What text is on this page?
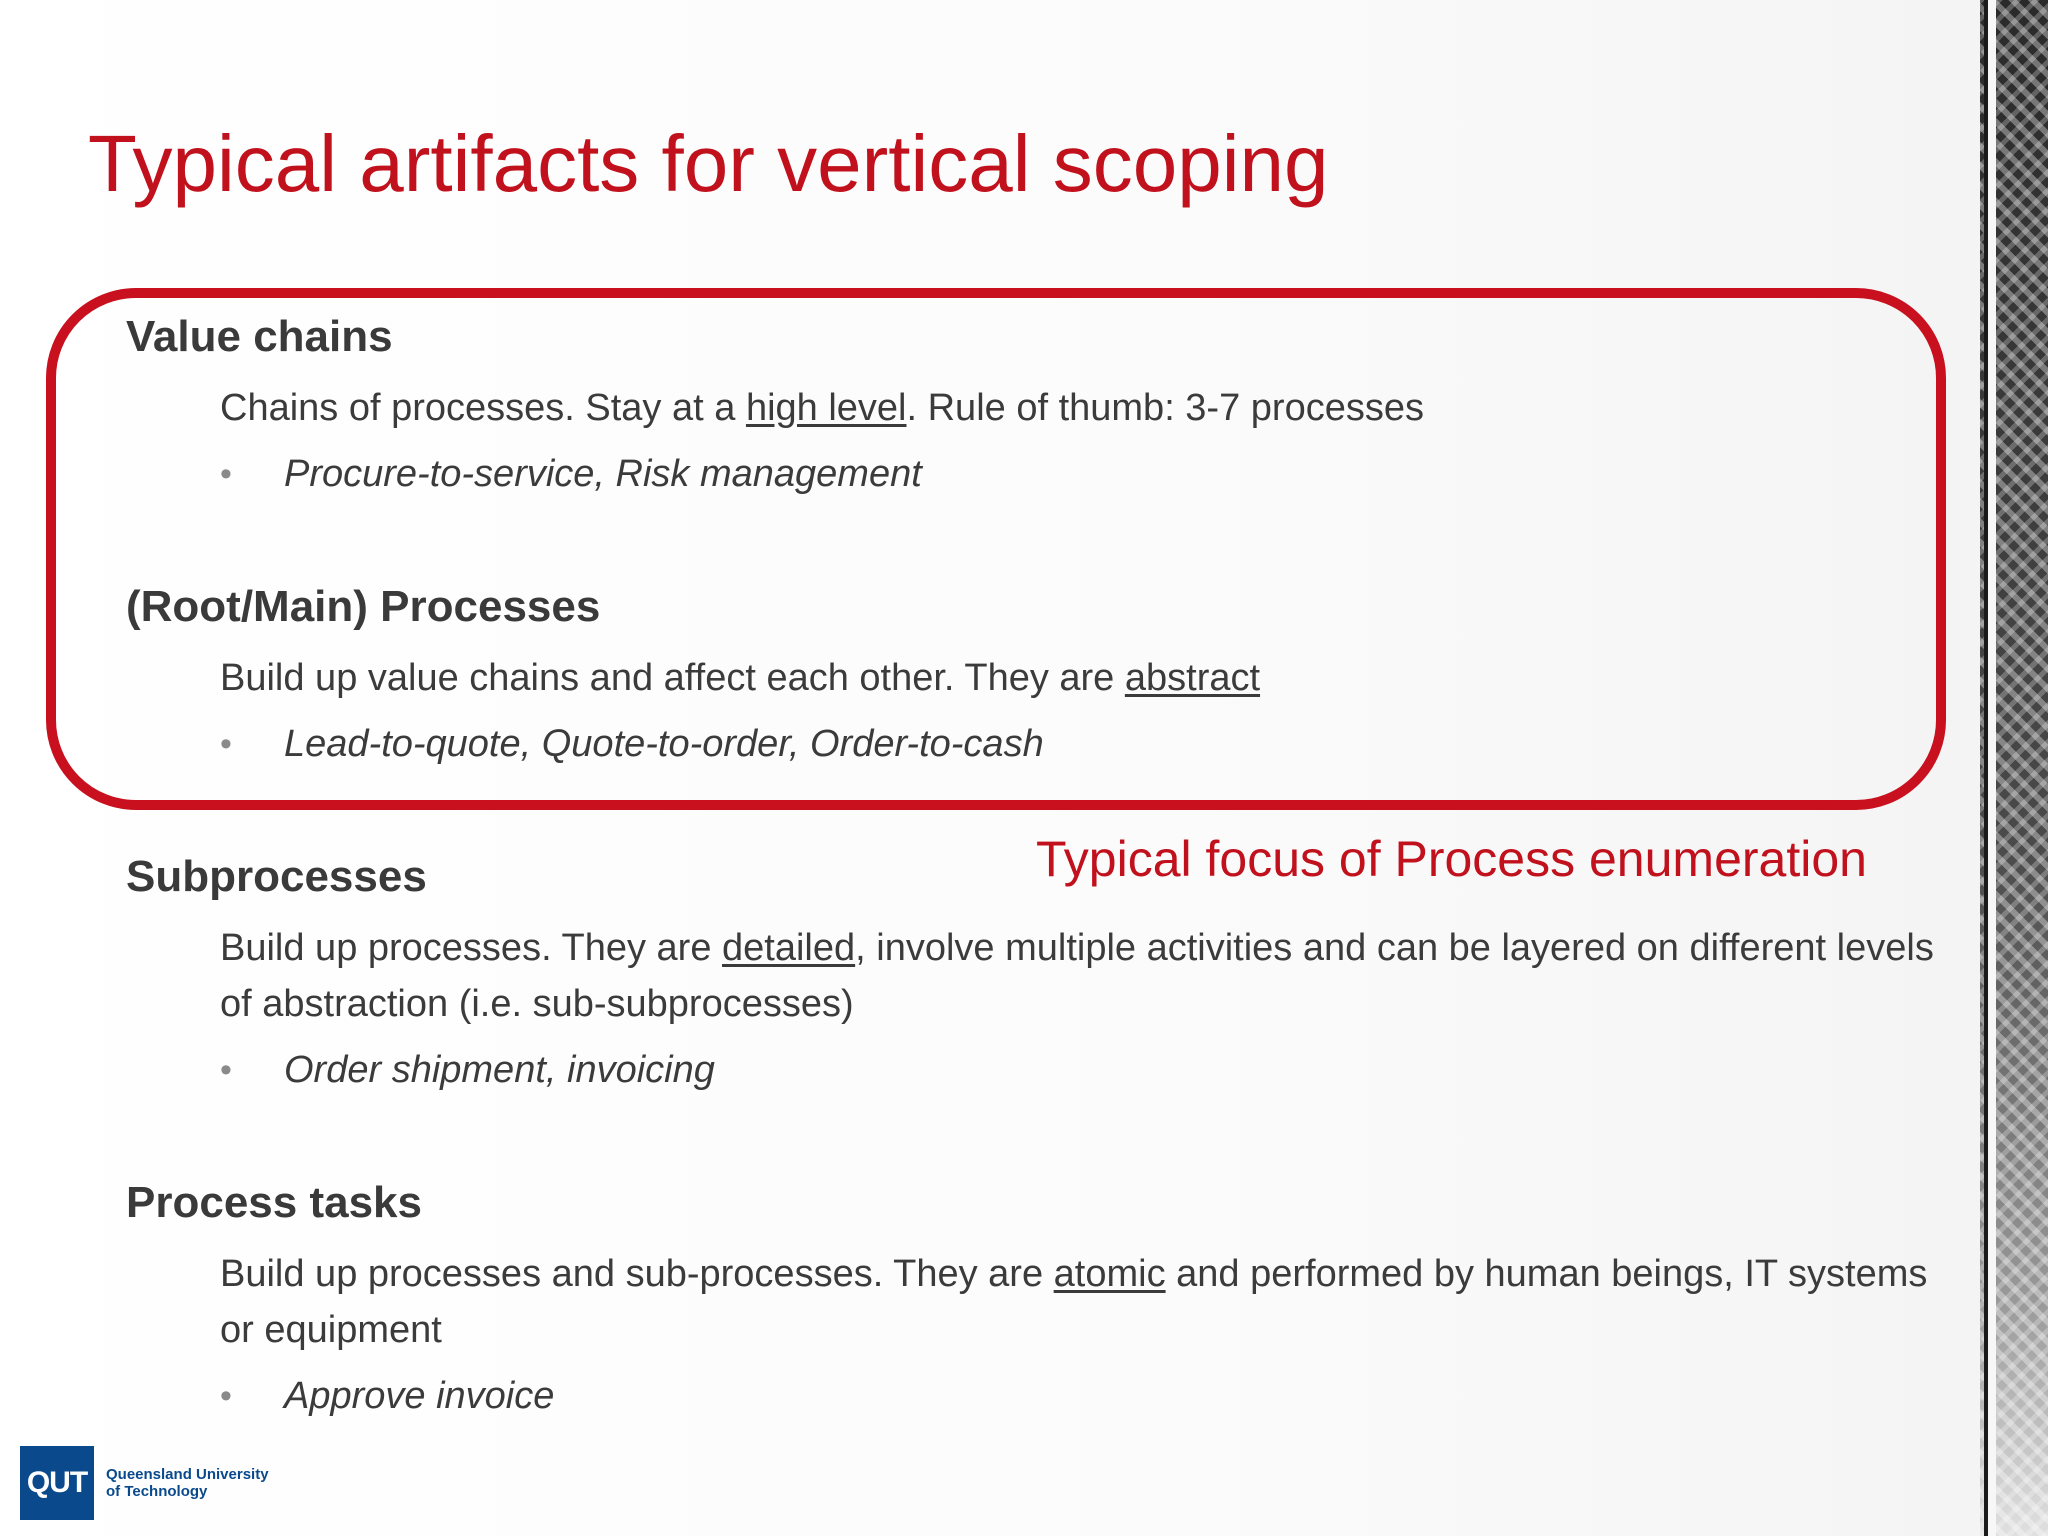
Typical artifacts for vertical scoping
Value chains
Chains of processes. Stay at a high level. Rule of thumb: 3-7 processes
•	Procure-to-service, Risk management
(Root/Main) Processes
Build up value chains and affect each other. They are abstract
•	Lead-to-quote, Quote-to-order, Order-to-cash
Typical focus of Process enumeration
Subprocesses
Build up processes. They are detailed, involve multiple activities and can be layered on different levels of abstraction (i.e. sub-subprocesses)
•	Order shipment, invoicing
Process tasks
Build up processes and sub-processes. They are atomic and performed by human beings, IT systems or equipment
•	Approve invoice
QUT	Queensland University
of Technology
